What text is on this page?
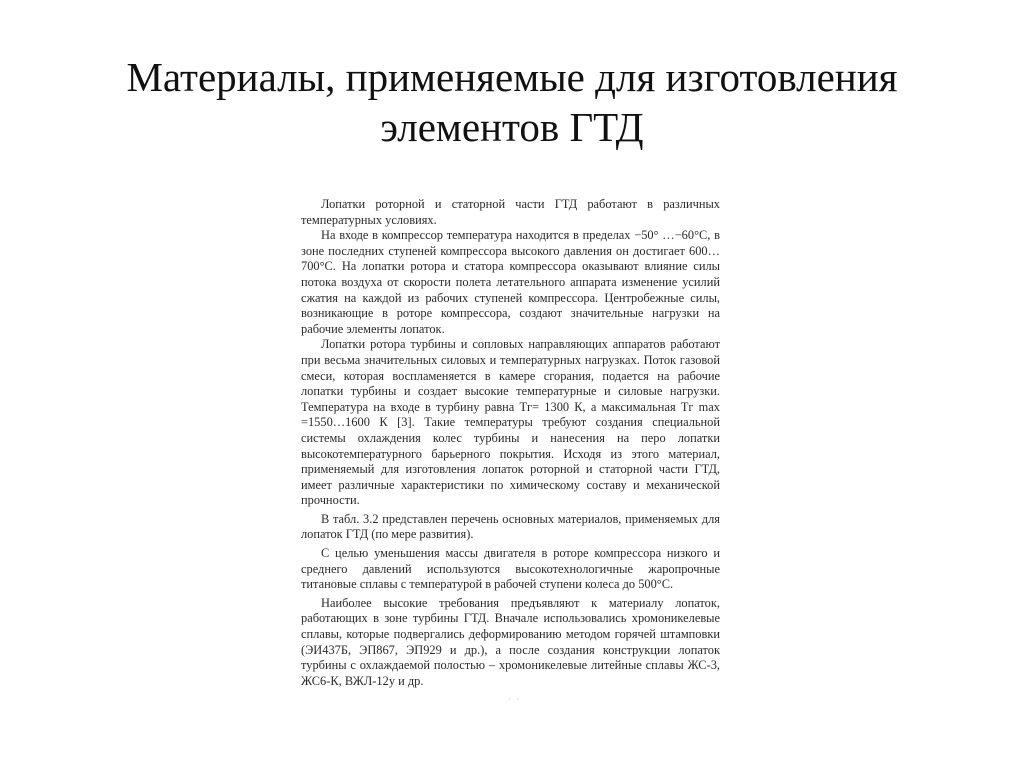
Материалы, применяемые для изготовления
элементов ГТД

Лопатки роторной и статорной части ГТД работают в различных температурных условиях.

На входе в компрессор температура находится в пределах −50° …−60°С, в зоне последних ступеней компрессора высокого давления он достигает 600…700°С. На лопатки ротора и статора компрессора оказывают влияние силы потока воздуха от скорости полета летательного аппарата изменение усилий сжатия на каждой из рабочих ступеней компрессора. Центробежные силы, возникающие в роторе компрессора, создают значительные нагрузки на рабочие элементы лопаток.

Лопатки ротора турбины и сопловых направляющих аппаратов работают при весьма значительных силовых и температурных нагрузках. Поток газовой смеси, которая воспламеняется в камере сгорания, подается на рабочие лопатки турбины и создает высокие температурные и силовые нагрузки. Температура на входе в турбину равна Tг= 1300 К, а максимальная Tг max =1550…1600 К [3]. Такие температуры требуют создания специальной системы охлаждения колес турбины и нанесения на перо лопатки высокотемпературного барьерного покрытия. Исходя из этого материал, применяемый для изготовления лопаток роторной и статорной части ГТД, имеет различные характеристики по химическому составу и механической прочности.

В табл. 3.2 представлен перечень основных материалов, применяемых для лопаток ГТД (по мере развития).

С целью уменьшения массы двигателя в роторе компрессора низкого и среднего давлений используются высокотехнологичные жаропрочные титановые сплавы с температурой в рабочей ступени колеса до 500°С.

Наиболее высокие требования предъявляют к материалу лопаток, работающих в зоне турбины ГТД. Вначале использовались хромоникелевые сплавы, которые подвергались деформированию методом горячей штамповки (ЭИ437Б, ЭП867, ЭП929 и др.), а после создания конструкции лопаток турбины с охлаждаемой полостью – хромоникелевые литейные сплавы ЖС-3, ЖС6-К, ВЖЛ-12у и др.

· ·
